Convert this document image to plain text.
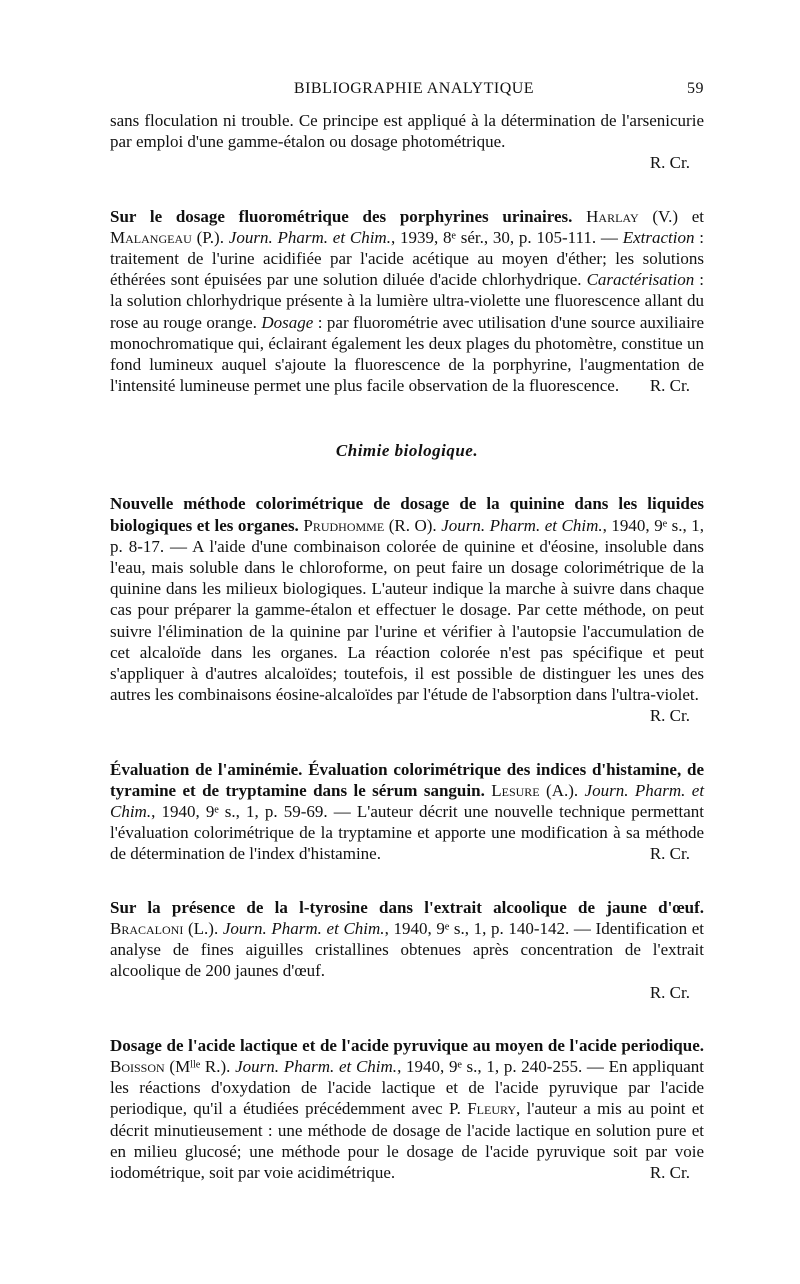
BIBLIOGRAPHIE ANALYTIQUE	59

sans floculation ni trouble. Ce principe est appliqué à la détermination de l'arsenicurie par emploi d'une gamme-étalon ou dosage photométrique.

R. Cr.

Sur le dosage fluorométrique des porphyrines urinaires. Harlay (V.) et Malangeau (P.). Journ. Pharm. et Chim., 1939, 8ᵉ sér., 30, p. 105-111. — Extraction : traitement de l'urine acidifiée par l'acide acétique au moyen d'éther; les solutions éthérées sont épuisées par une solution diluée d'acide chlorhydrique. Caractérisation : la solution chlorhydrique présente à la lumière ultra-violette une fluorescence allant du rose au rouge orange. Dosage : par fluorométrie avec utilisation d'une source auxiliaire monochromatique qui, éclairant également les deux plages du photomètre, constitue un fond lumineux auquel s'ajoute la fluorescence de la porphyrine, l'augmentation de l'intensité lumineuse permet une plus facile observation de la fluorescence. R. Cr.

Chimie biologique.

Nouvelle méthode colorimétrique de dosage de la quinine dans les liquides biologiques et les organes. Prudhomme (R. O). Journ. Pharm. et Chim., 1940, 9ᵉ s., 1, p. 8-17. — A l'aide d'une combinaison colorée de quinine et d'éosine, insoluble dans l'eau, mais soluble dans le chloroforme, on peut faire un dosage colorimétrique de la quinine dans les milieux biologiques. L'auteur indique la marche à suivre dans chaque cas pour préparer la gamme-étalon et effectuer le dosage. Par cette méthode, on peut suivre l'élimination de la quinine par l'urine et vérifier à l'autopsie l'accumulation de cet alcaloïde dans les organes. La réaction colorée n'est pas spécifique et peut s'appliquer à d'autres alcaloïdes; toutefois, il est possible de distinguer les unes des autres les combinaisons éosine-alcaloïdes par l'étude de l'absorption dans l'ultra-violet.
R. Cr.

Évaluation de l'aminémie. Évaluation colorimétrique des indices d'histamine, de tyramine et de tryptamine dans le sérum sanguin. Lesure (A.). Journ. Pharm. et Chim., 1940, 9ᵉ s., 1, p. 59-69. — L'auteur décrit une nouvelle technique permettant l'évaluation colorimétrique de la tryptamine et apporte une modification à sa méthode de détermination de l'index d'histamine.	R. Cr.

Sur la présence de la l-tyrosine dans l'extrait alcoolique de jaune d'œuf. Bracaloni (L.). Journ. Pharm. et Chim., 1940, 9ᵉ s., 1, p. 140-142. — Identification et analyse de fines aiguilles cristallines obtenues après concentration de l'extrait alcoolique de 200 jaunes d'œuf.

R. Cr.

Dosage de l'acide lactique et de l'acide pyruvique au moyen de l'acide periodique. Boisson (Mˡˡᵉ R.). Journ. Pharm. et Chim., 1940, 9ᵉ s., 1, p. 240-255. — En appliquant les réactions d'oxydation de l'acide lactique et de l'acide pyruvique par l'acide periodique, qu'il a étudiées précédemment avec P. Fleury, l'auteur a mis au point et décrit minutieusement : une méthode de dosage de l'acide lactique en solution pure et en milieu glucosé; une méthode pour le dosage de l'acide pyruvique soit par voie iodométrique, soit par voie acidimétrique.	R. Cr.
